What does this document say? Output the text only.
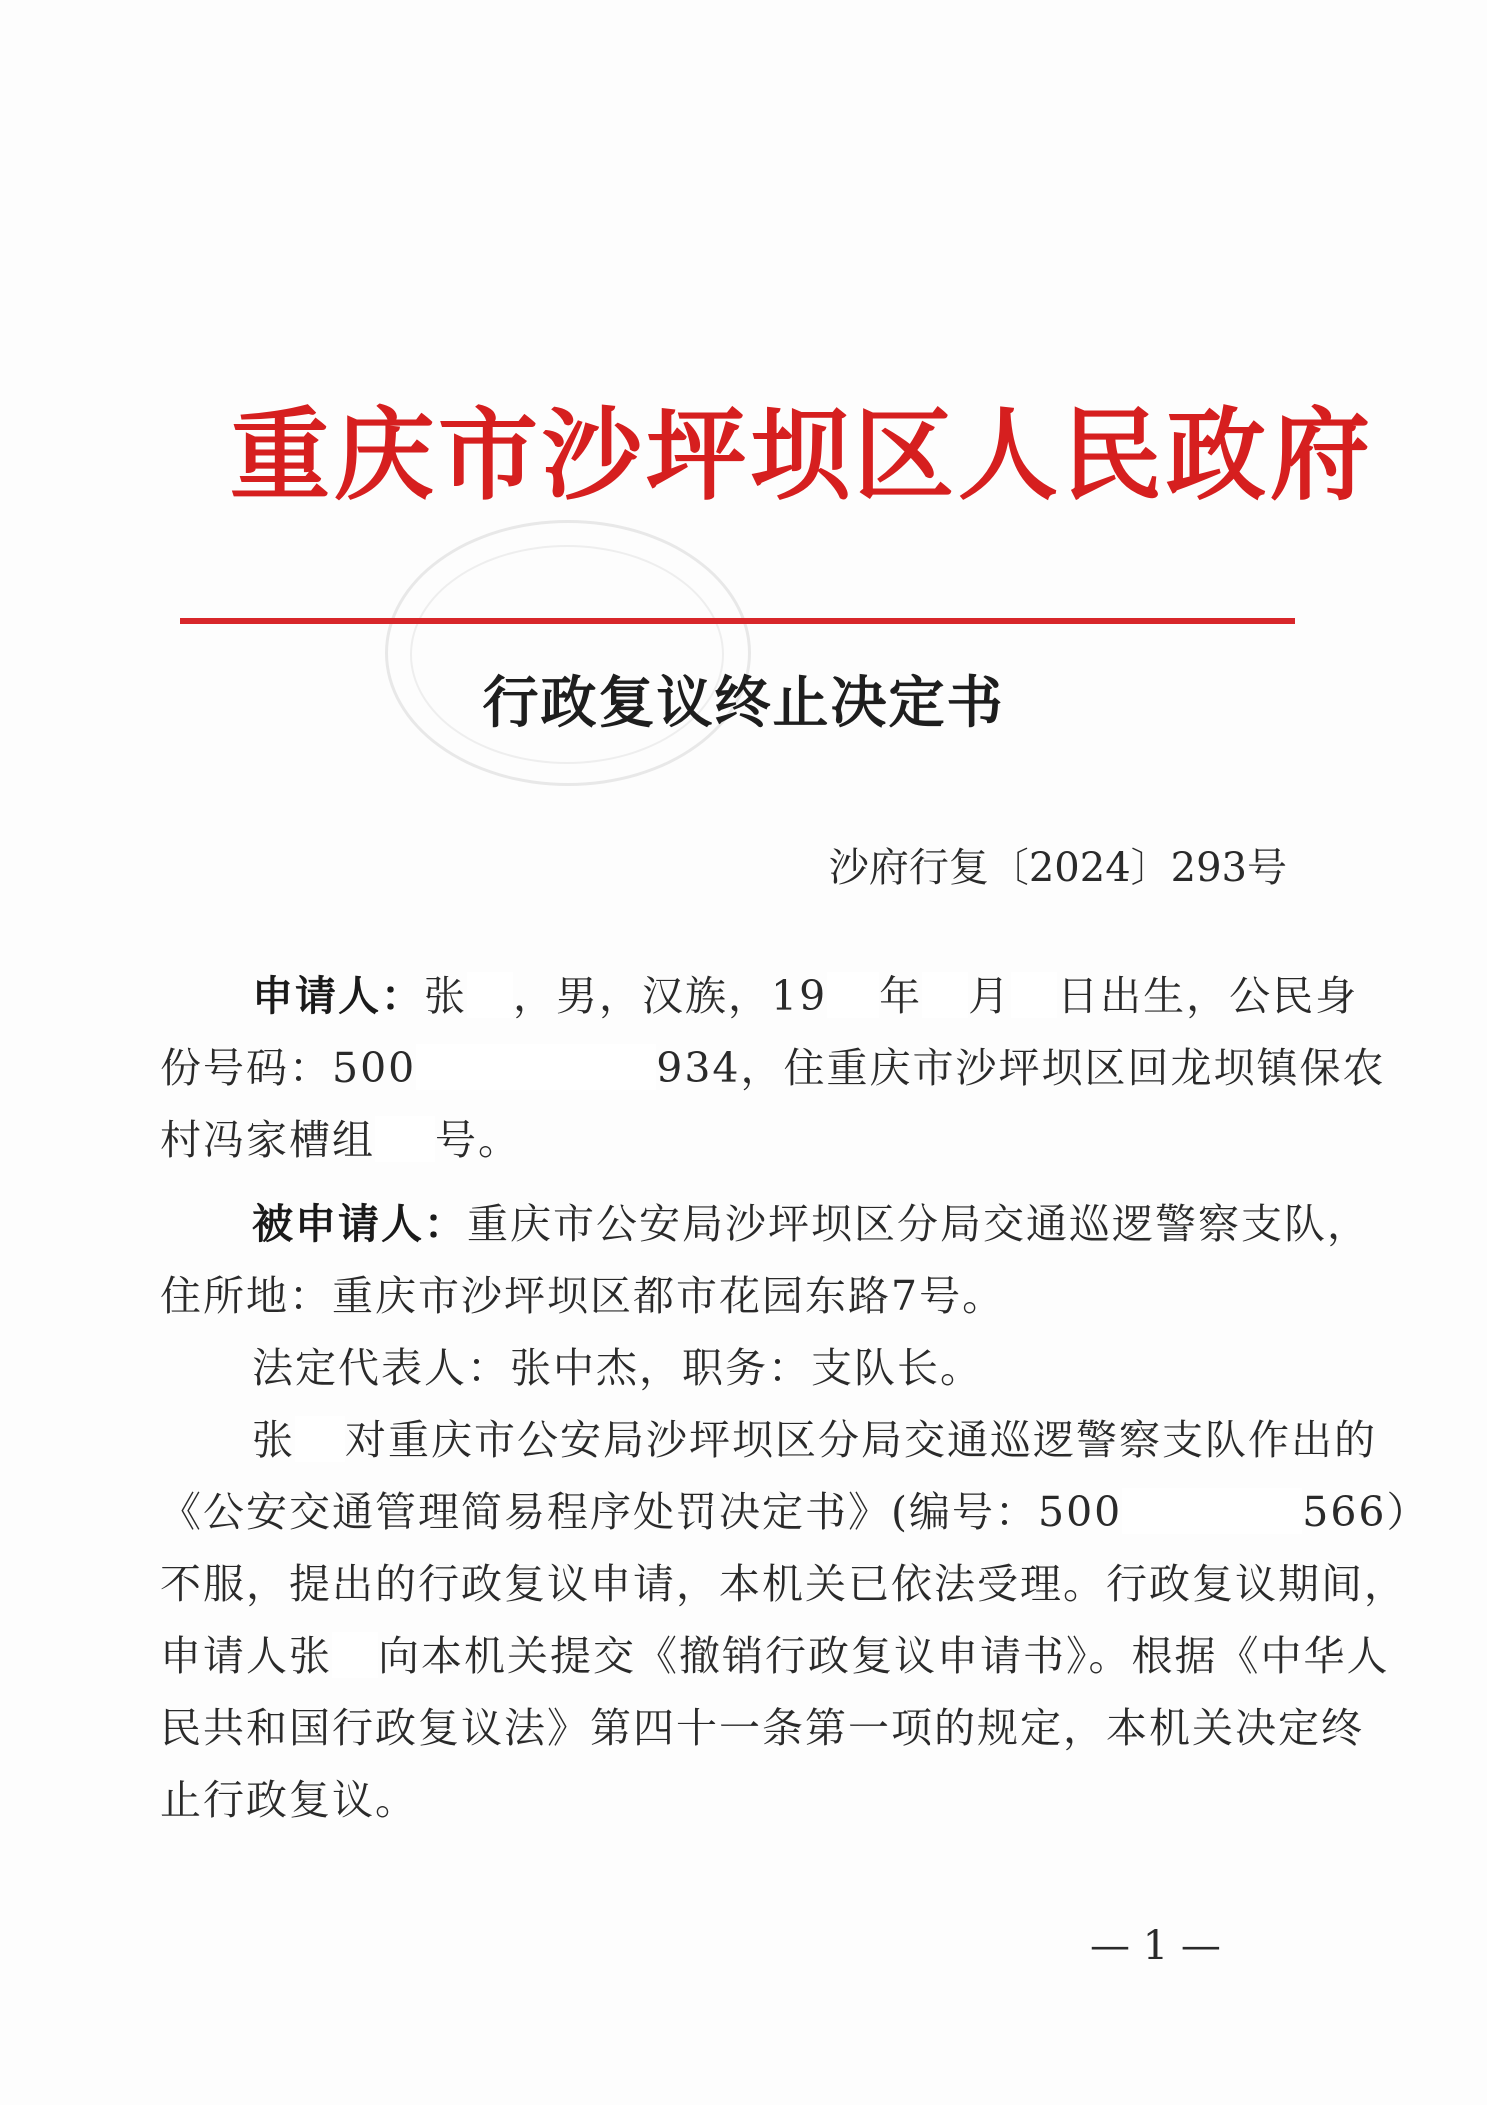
重庆市沙坪坝区人民政府
行政复议终止决定书
沙府行复〔2024〕293号
申请人：张 ，男，汉族，19 年 月 日出生，公民身
份号码：500	934，住重庆市沙坪坝区回龙坝镇保农
村冯家槽组 号。
被申请人：重庆市公安局沙坪坝区分局交通巡逻警察支队，
住所地：重庆市沙坪坝区都市花园东路7号。
法定代表人：张中杰，职务：支队长。
张 对重庆市公安局沙坪坝区分局交通巡逻警察支队作出的
《公安交通管理简易程序处罚决定书》(编号：500	566）
不服，提出的行政复议申请，本机关已依法受理。行政复议期间，
申请人张 向本机关提交《撤销行政复议申请书》。根据《中华人
民共和国行政复议法》第四十一条第一项的规定，本机关决定终
止行政复议。
— 1 —
